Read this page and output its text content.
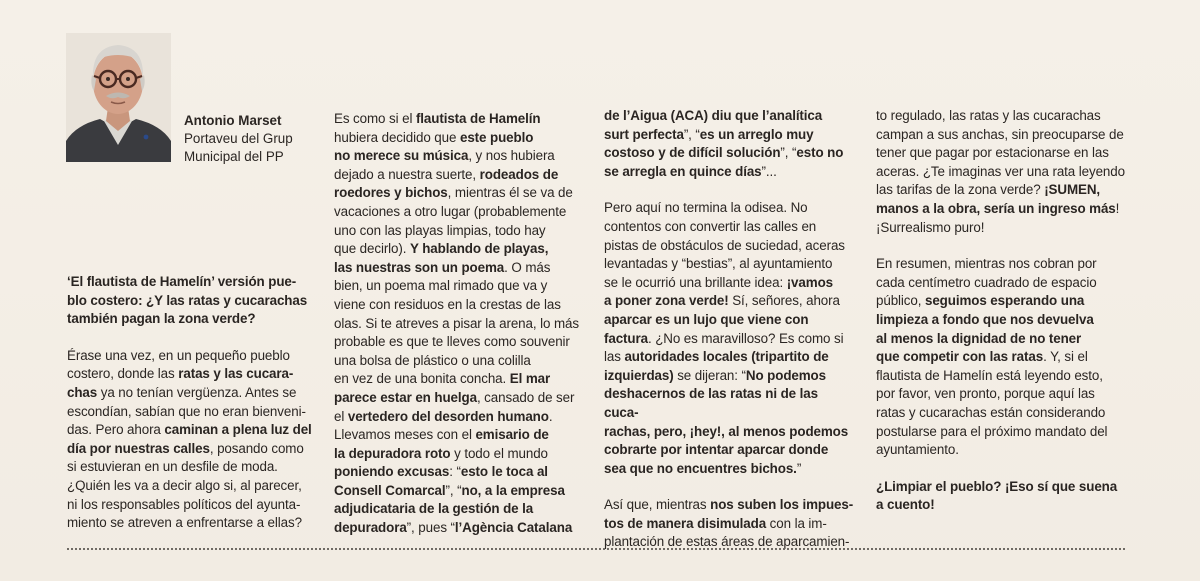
Antonio Marset
Portaveu del Grup
Municipal del PP

‘El flautista de Hamelín’ versión pue-
blo costero: ¿Y las ratas y cucarachas
también pagan la zona verde?

Érase una vez, en un pequeño pueblo
costero, donde las ratas y las cucara-
chas ya no tenían vergüenza. Antes se
escondían, sabían que no eran bienveni-
das. Pero ahora caminan a plena luz del
día por nuestras calles, posando como
si estuvieran en un desfile de moda.
¿Quién les va a decir algo si, al parecer,
ni los responsables políticos del ayunta-
miento se atreven a enfrentarse a ellas?

Es como si el flautista de Hamelín
hubiera decidido que este pueblo
no merece su música, y nos hubiera
dejado a nuestra suerte, rodeados de
roedores y bichos, mientras él se va de
vacaciones a otro lugar (probablemente
uno con las playas limpias, todo hay
que decirlo). Y hablando de playas,
las nuestras son un poema. O más
bien, un poema mal rimado que va y
viene con residuos en la crestas de las
olas. Si te atreves a pisar la arena, lo más
probable es que te lleves como souvenir
una bolsa de plástico o una colilla
en vez de una bonita concha. El mar
parece estar en huelga, cansado de ser
el vertedero del desorden humano.
Llevamos meses con el emisario de
la depuradora roto y todo el mundo
poniendo excusas: “esto le toca al
Consell Comarcal”, “no, a la empresa
adjudicataria de la gestión de la
depuradora”, pues “l’Agència Catalana

de l’Aigua (ACA) diu que l’analítica
surt perfecta”, “es un arreglo muy
costoso y de difícil solución”, “esto no
se arregla en quince días”...

Pero aquí no termina la odisea. No
contentos con convertir las calles en
pistas de obstáculos de suciedad, aceras
levantadas y “bestias”, al ayuntamiento
se le ocurrió una brillante idea: ¡vamos
a poner zona verde! Sí, señores, ahora
aparcar es un lujo que viene con
factura. ¿No es maravilloso? Es como si
las autoridades locales (tripartito de
izquierdas) se dijeran: “No podemos
deshacernos de las ratas ni de las cuca-
rachas, pero, ¡hey!, al menos podemos
cobrarte por intentar aparcar donde
sea que no encuentres bichos.”

Así que, mientras nos suben los impues-
tos de manera disimulada con la im-
plantación de estas áreas de aparcamien-

to regulado, las ratas y las cucarachas
campan a sus anchas, sin preocuparse de
tener que pagar por estacionarse en las
aceras. ¿Te imaginas ver una rata leyendo
las tarifas de la zona verde? ¡SUMEN,
manos a la obra, sería un ingreso más!
¡Surrealismo puro!

En resumen, mientras nos cobran por
cada centímetro cuadrado de espacio
público, seguimos esperando una
limpieza a fondo que nos devuelva
al menos la dignidad de no tener
que competir con las ratas. Y, si el
flautista de Hamelín está leyendo esto,
por favor, ven pronto, porque aquí las
ratas y cucarachas están considerando
postularse para el próximo mandato del
ayuntamiento.

¿Limpiar el pueblo? ¡Eso sí que suena
a cuento!
